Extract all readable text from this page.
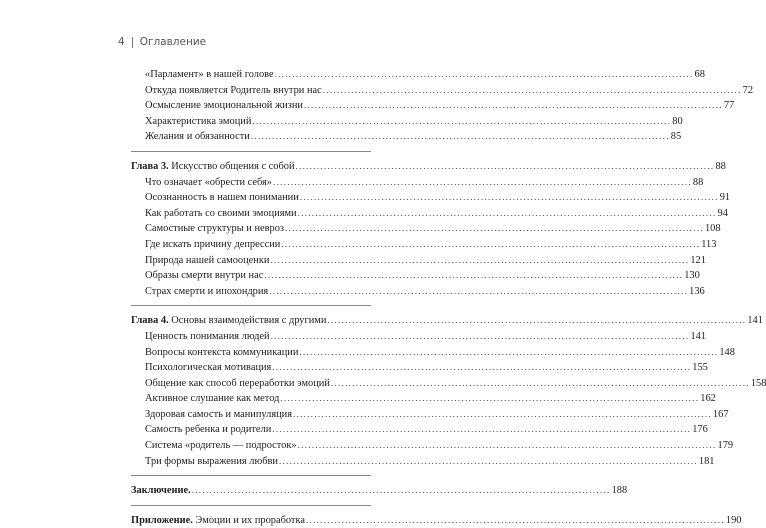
4 Оглавление
«Парламент» в нашей голове .....	68
Откуда появляется Родитель внутри нас .....	72
Осмысление эмоциональной жизни .....	77
Характеристика эмоций .....	80
Желания и обязанности .....	85
Глава 3. Искусство общения с собой .....	88
Что означает «обрести себя» .....	88
Осознанность в нашем понимании .....	91
Как работать со своими эмоциями .....	94
Самостные структуры и невроз .....	108
Где искать причину депрессии .....	113
Природа нашей самооценки .....	121
Образы смерти внутри нас .....	130
Страх смерти и ипохондрия .....	136
Глава 4. Основы взаимодействия с другими .....	141
Ценность понимания людей .....	141
Вопросы контекста коммуникации .....	148
Психологическая мотивация .....	155
Общение как способ переработки эмоций .....	158
Активное слушание как метод .....	162
Здоровая самость и манипуляция .....	167
Самость ребенка и родители .....	176
Система «родитель — подросток» .....	179
Три формы выражения любви .....	181
Заключение. .....	188
Приложение. Эмоции и их проработка .....	190
